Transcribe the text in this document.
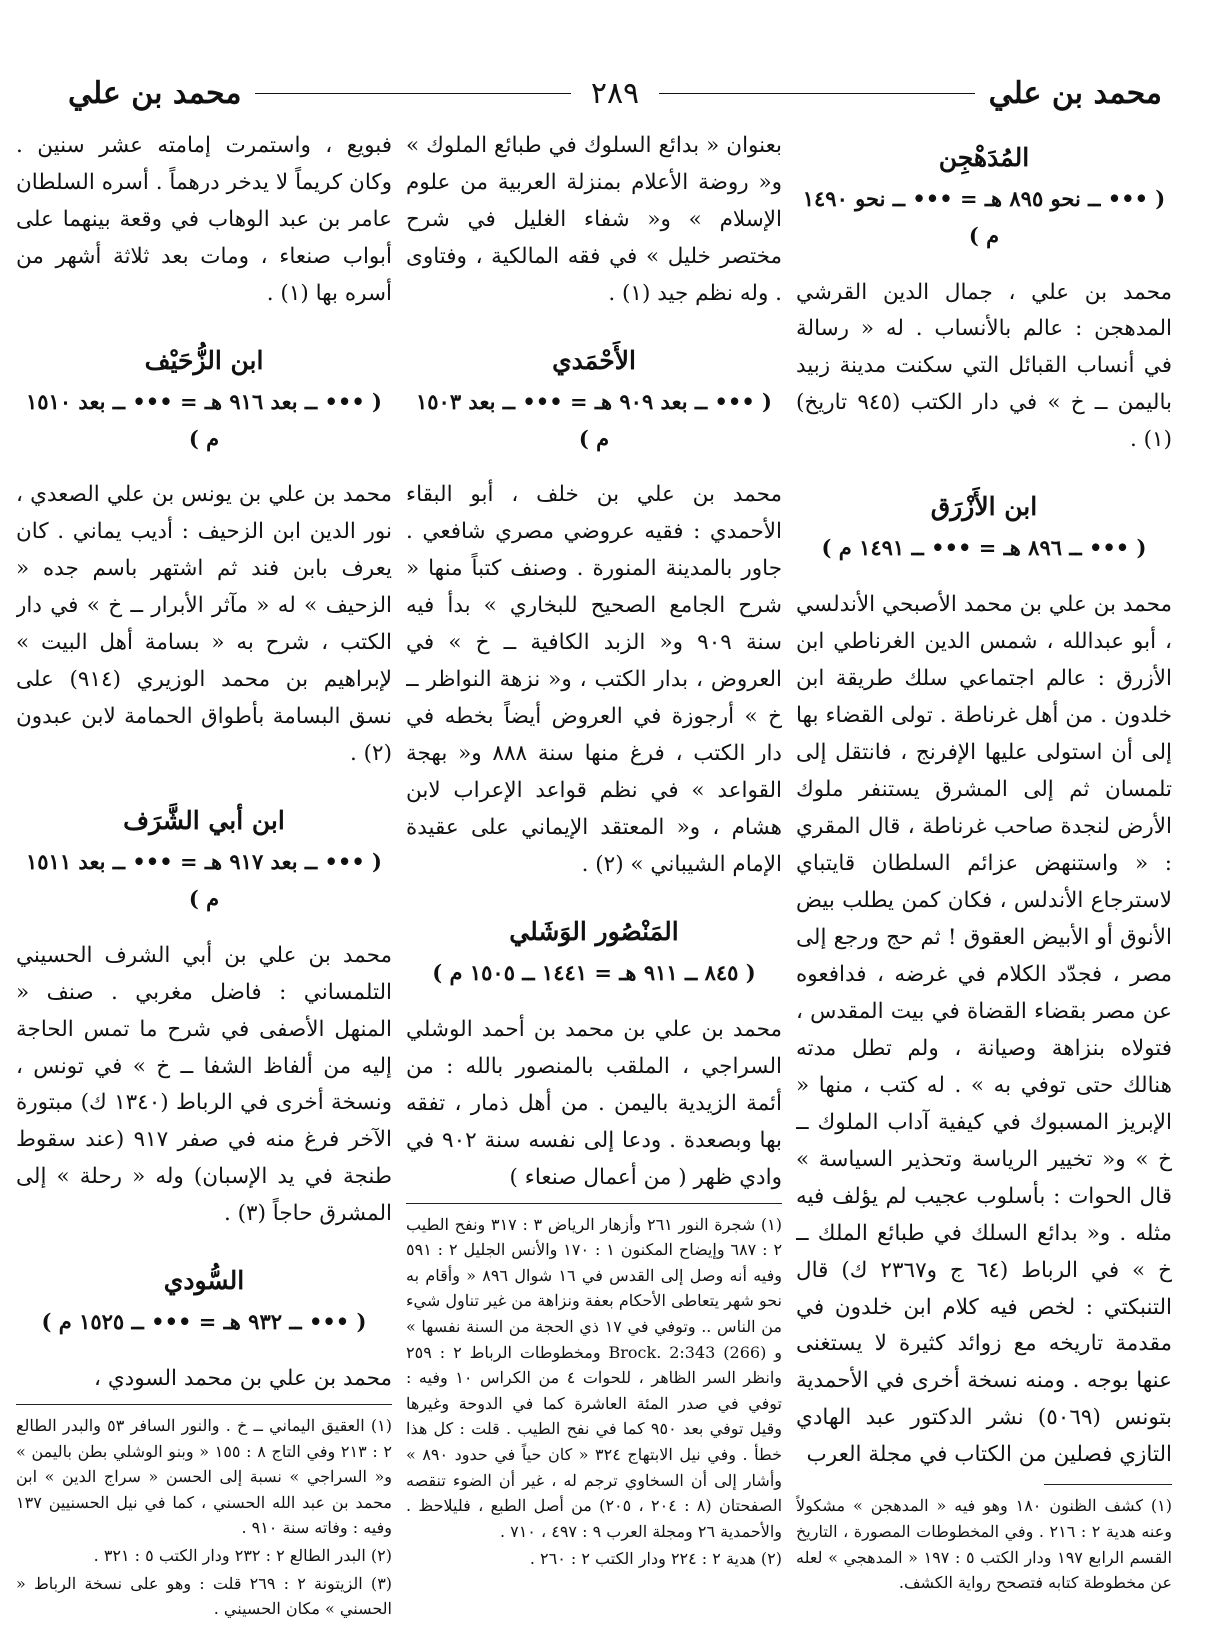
محمد بن علي
٢٨٩
محمد بن علي
المُدَهْجِن
( ••• ــ نحو ٨٩٥ هـ = ••• ــ نحو ١٤٩٠ م )

محمد بن علي ، جمال الدين القرشي المدهجن : عالم بالأنساب . له « رسالة في أنساب القبائل التي سكنت مدينة زبيد باليمن ــ خ » في دار الكتب (٩٤٥ تاريخ) (١) .

ابن الأَزْرَق
( ••• ــ ٨٩٦ هـ = ••• ــ ١٤٩١ م )

محمد بن علي بن محمد الأصبحي الأندلسي ، أبو عبدالله ، شمس الدين الغرناطي ابن الأزرق : عالم اجتماعي سلك طريقة ابن خلدون . من أهل غرناطة . تولى القضاء بها إلى أن استولى عليها الإفرنج ، فانتقل إلى تلمسان ثم إلى المشرق يستنفر ملوك الأرض لنجدة صاحب غرناطة ، قال المقري : « واستنهض عزائم السلطان قايتباي لاسترجاع الأندلس ، فكان كمن يطلب بيض الأنوق أو الأبيض العقوق ! ثم حج ورجع إلى مصر ، فجدّد الكلام في غرضه ، فدافعوه عن مصر بقضاء القضاة في بيت المقدس ، فتولاه بنزاهة وصيانة ، ولم تطل مدته هنالك حتى توفي به » . له كتب ، منها « الإبريز المسبوك في كيفية آداب الملوك ــ خ » و« تخيير الرياسة وتحذير السياسة » قال الحوات : بأسلوب عجيب لم يؤلف فيه مثله . و« بدائع السلك في طبائع الملك ــ خ » في الرباط (٦٤ ج و٢٣٦٧ ك) قال التنبكتي : لخص فيه كلام ابن خلدون في مقدمة تاريخه مع زوائد كثيرة لا يستغنى عنها بوجه . ومنه نسخة أخرى في الأحمدية بتونس (٥٠٦٩) نشر الدكتور عبد الهادي التازي فصلين من الكتاب في مجلة العرب

(١) كشف الظنون ١٨٠ وهو فيه « المدهجن » مشكولاً وعنه هدية ٢ : ٢١٦ . وفي المخطوطات المصورة ، التاريخ القسم الرابع ١٩٧ ودار الكتب ٥ : ١٩٧ « المدهجي » لعله عن مخطوطة كتابه فتصحح رواية الكشف.

بعنوان « بدائع السلوك في طبائع الملوك » و« روضة الأعلام بمنزلة العربية من علوم الإسلام » و« شفاء الغليل في شرح مختصر خليل » في فقه المالكية ، وفتاوى . وله نظم جيد (١) .

الأَحْمَدي
( ••• ــ بعد ٩٠٩ هـ = ••• ــ بعد ١٥٠٣ م )

محمد بن علي بن خلف ، أبو البقاء الأحمدي : فقيه عروضي مصري شافعي . جاور بالمدينة المنورة . وصنف كتباً منها « شرح الجامع الصحيح للبخاري » بدأ فيه سنة ٩٠٩ و« الزبد الكافية ــ خ » في العروض ، بدار الكتب ، و« نزهة النواظر ــ خ » أرجوزة في العروض أيضاً بخطه في دار الكتب ، فرغ منها سنة ٨٨٨ و« بهجة القواعد » في نظم قواعد الإعراب لابن هشام ، و« المعتقد الإيماني على عقيدة الإمام الشيباني » (٢) .

المَنْصُور الوَشَلي
( ٨٤٥ ــ ٩١١ هـ = ١٤٤١ ــ ١٥٠٥ م )

محمد بن علي بن محمد بن أحمد الوشلي السراجي ، الملقب بالمنصور بالله : من أئمة الزيدية باليمن . من أهل ذمار ، تفقه بها وبصعدة . ودعا إلى نفسه سنة ٩٠٢ في وادي ظهر ( من أعمال صنعاء )

(١) شجرة النور ٢٦١ وأزهار الرياض ٣ : ٣١٧ ونفح الطيب ٢ : ٦٨٧ وإيضاح المكنون ١ : ١٧٠ والأنس الجليل ٢ : ٥٩١ وفيه أنه وصل إلى القدس في ١٦ شوال ٨٩٦ « وأقام به نحو شهر يتعاطى الأحكام بعفة ونزاهة من غير تناول شيء من الناس .. وتوفي في ١٧ ذي الحجة من السنة نفسها » و Brock. 2:343 (266) ومخطوطات الرباط ٢ : ٢٥٩ وانظر السر الظاهر ، للحوات ٤ من الكراس ١٠ وفيه : توفي في صدر المئة العاشرة كما في الدوحة وغيرها وقيل توفي بعد ٩٥٠ كما في نفح الطيب . قلت : كل هذا خطأ . وفي نيل الابتهاج ٣٢٤ « كان حياً في حدود ٨٩٠ » وأشار إلى أن السخاوي ترجم له ، غير أن الضوء تنقصه الصفحتان (٨ : ٢٠٤ ، ٢٠٥) من أصل الطبع ، فليلاحظ . والأحمدية ٢٦ ومجلة العرب ٩ : ٤٩٧ ، ٧١٠ .

(٢) هدية ٢ : ٢٢٤ ودار الكتب ٢ : ٢٦٠ .

فبويع ، واستمرت إمامته عشر سنين . وكان كريماً لا يدخر درهماً . أسره السلطان عامر بن عبد الوهاب في وقعة بينهما على أبواب صنعاء ، ومات بعد ثلاثة أشهر من أسره بها (١) .

ابن الزُّحَيْف
( ••• ــ بعد ٩١٦ هـ = ••• ــ بعد ١٥١٠ م )

محمد بن علي بن يونس بن علي الصعدي ، نور الدين ابن الزحيف : أديب يماني . كان يعرف بابن فند ثم اشتهر باسم جده « الزحيف » له « مآثر الأبرار ــ خ » في دار الكتب ، شرح به « بسامة أهل البيت » لإبراهيم بن محمد الوزيري (٩١٤) على نسق البسامة بأطواق الحمامة لابن عبدون (٢) .

ابن أبي الشَّرَف
( ••• ــ بعد ٩١٧ هـ = ••• ــ بعد ١٥١١ م )

محمد بن علي بن أبي الشرف الحسيني التلمساني : فاضل مغربي . صنف « المنهل الأصفى في شرح ما تمس الحاجة إليه من ألفاظ الشفا ــ خ » في تونس ، ونسخة أخرى في الرباط (١٣٤٠ ك) مبتورة الآخر فرغ منه في صفر ٩١٧ (عند سقوط طنجة في يد الإسبان) وله « رحلة » إلى المشرق حاجاً (٣) .

السُّودي
( ••• ــ ٩٣٢ هـ = ••• ــ ١٥٢٥ م )

محمد بن علي بن محمد السودي ،

(١) العقيق اليماني ــ خ . والنور السافر ٥٣ والبدر الطالع ٢ : ٢١٣ وفي التاج ٨ : ١٥٥ « وبنو الوشلي بطن باليمن » و« السراجي » نسبة إلى الحسن « سراج الدين » ابن محمد بن عبد الله الحسني ، كما في نيل الحسنيين ١٣٧ وفيه : وفاته سنة ٩١٠ .

(٢) البدر الطالع ٢ : ٢٣٢ ودار الكتب ٥ : ٣٢١ .

(٣) الزيتونة ٢ : ٢٦٩ قلت : وهو على نسخة الرباط « الحسني » مكان الحسيني .
